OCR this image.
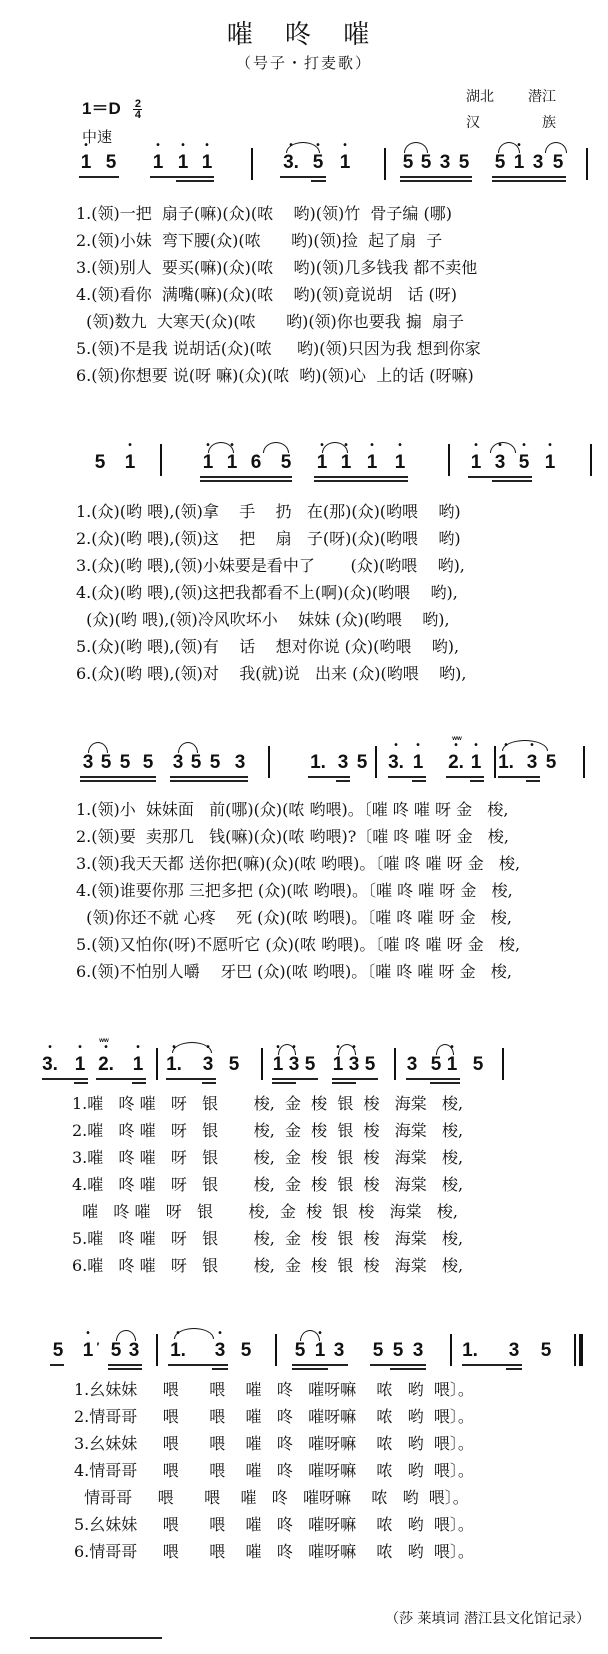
嗺 咚 嗺
（号子・打麦歌）
$1=D \frac{2}{4}$
中速
湖北 潜江
汉	族
• 1 5 • 1 • 1 • 1	• 3. • 5 • 1	5 5 3 5 5 • 1 3 5
1.(领)一把  扇子(嘛)(众)(哝    哟)(领)竹  骨子编 (哪)
2.(领)小妹  弯下腰(众)(哝      哟)(领)捡  起了扇  子
3.(领)别人  要买(嘛)(众)(哝    哟)(领)几多钱我 都不卖他
4.(领)看你  满嘴(嘛)(众)(哝    哟)(领)竟说胡   话 (呀)
(领)数九  大寒天(众)(哝      哟)(领)你也要我 搧  扇子
5.(领)不是我 说胡话(众)(哝     哟)(领)只因为我 想到你家
6.(领)你想要 说(呀 嘛)(众)(哝  哟)(领)心  上的话 (呀嘛)
5 • 1	• 1 • 1 6 5 • 1 • 1 • 1 • 1	• 1 • 3 • 5 • 1
1.(众)(哟 喂),(领)拿    手    扔   在(那)(众)(哟喂    哟)
2.(众)(哟 喂),(领)这    把    扇   子(呀)(众)(哟喂    哟)
3.(众)(哟 喂),(领)小妹要是看中了       (众)(哟喂    哟),
4.(众)(哟 喂),(领)这把我都看不上(啊)(众)(哟喂    哟),
(众)(哟 喂),(领)冷风吹坏小    妹妹 (众)(哟喂    哟),
5.(众)(哟 喂),(领)有    话    想对你说 (众)(哟喂    哟),
6.(众)(哟 喂),(领)对    我(就)说   出来 (众)(哟喂    哟),
3 5 5 5 3 5 5 3	1. 3 5 • 3. • 1
ʷʷ
• 2. • 1 • 1. • 3 5
1.(领)小  妹妹面   前(哪)(众)(哝 哟喂)。〔嗺 咚 嗺 呀 金   梭,
2.(领)要  卖那几   钱(嘛)(众)(哝 哟喂)?〔嗺 咚 嗺 呀 金   梭,
3.(领)我天天都 送你把(嘛)(众)(哝 哟喂)。〔嗺 咚 嗺 呀 金   梭,
4.(领)谁要你那 三把多把 (众)(哝 哟喂)。〔嗺 咚 嗺 呀 金   梭,
(领)你还不就 心疼    死 (众)(哝 哟喂)。〔嗺 咚 嗺 呀 金   梭,
5.(领)又怕你(呀)不愿听它 (众)(哝 哟喂)。〔嗺 咚 嗺 呀 金   梭,
6.(领)不怕别人嚼    牙巴 (众)(哝 哟喂)。〔嗺 咚 嗺 呀 金   梭,
• 3. • 1
ʷʷ
• 2. • 1 • 1. • 3 5 • 1 • 3 5 • 1 • 3 5 3 5 • 1 5
1.嗺   咚 嗺   呀   银       梭,  金  梭  银  梭   海棠   梭,
2.嗺   咚 嗺   呀   银       梭,  金  梭  银  梭   海棠   梭,
3.嗺   咚 嗺   呀   银       梭,  金  梭  银  梭   海棠   梭,
4.嗺   咚 嗺   呀   银       梭,  金  梭  银  梭   海棠   梭,
嗺   咚 嗺   呀   银       梭,  金  梭  银  梭   海棠   梭,
5.嗺   咚 嗺   呀   银       梭,  金  梭  银  梭   海棠   梭,
6.嗺   咚 嗺   呀   银       梭,  金  梭  银  梭   海棠   梭,
5 • 1 ′ 5 3 • 1. • 3 5 5 • 1 3 5 5 3 1. 3 5
1.幺妹妹     喂      喂    嗺   咚   嗺呀嘛    哝   哟  喂〕。
2.情哥哥     喂      喂    嗺   咚   嗺呀嘛    哝   哟  喂〕。
3.幺妹妹     喂      喂    嗺   咚   嗺呀嘛    哝   哟  喂〕。
4.情哥哥     喂      喂    嗺   咚   嗺呀嘛    哝   哟  喂〕。
情哥哥     喂      喂    嗺   咚   嗺呀嘛    哝   哟  喂〕。
5.幺妹妹     喂      喂    嗺   咚   嗺呀嘛    哝   哟  喂〕。
6.情哥哥     喂      喂    嗺   咚   嗺呀嘛    哝   哟  喂〕。
（莎 莱填词 潜江县文化馆记录）
